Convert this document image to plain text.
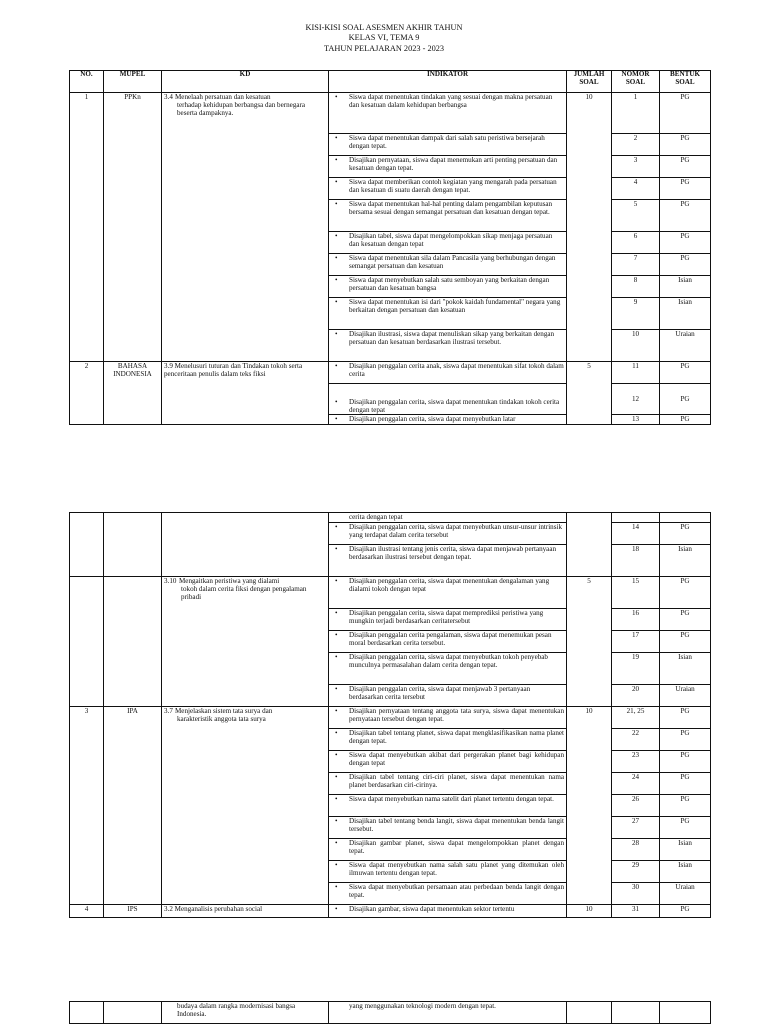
KISI-KISI SOAL ASESMEN AKHIR TAHUN
KELAS VI, TEMA 9
TAHUN PELAJARAN 2023 - 2023
NO.	MUPEL	KD	INDIKATOR	JUMLAH SOAL	NOMOR SOAL	BENTUK SOAL
1	PPKn	3.4 Menelaah persatuan dan kesatuan
terhadap kehidupan berbangsa dan bernegara beserta dampaknya.	• Siswa dapat menentukan tindakan yang sesuai dengan makna persatuan dan kesatuan dalam kehidupan berbangsa	10	1	PG

			• Siswa dapat menentukan dampak dari salah satu peristiwa bersejarah dengan tepat.		2	PG

			• Disajikan pernyataan, siswa dapat menemukan arti penting persatuan dan kesatuan dengan tepat.		3	PG

			• Siswa dapat memberikan contoh kegiatan yang mengarah pada persatuan dan kesatuan di suatu daerah dengan tepat.		4	PG

			• Siswa dapat menentukan hal-hal penting dalam pengambilan keputusan bersama sesuai dengan semangat persatuan dan kesatuan dengan tepat.		5	PG

			• Disajikan tabel, siswa dapat mengelompokkan sikap menjaga persatuan dan kesatuan dengan tepat		6	PG

			• Siswa dapat menentukan sila dalam Pancasila yang berhubungan dengan semangat persatuan dan kesatuan		7	PG

			• Siswa dapat menyebutkan salah satu semboyan yang berkaitan dengan persatuan dan kesatuan bangsa		8	Isian

			• Siswa dapat menentukan isi dari "pokok kaidah fundamental" negara yang berkaitan dengan persatuan dan kesatuan		9	Isian

			• Disajikan ilustrasi, siswa dapat menuliskan sikap yang berkaitan dengan persatuan dan kesatuan berdasarkan ilustrasi tersebut.		10	Uraian
2	BAHASA INDONESIA	3.9 Menelusuri tuturan dan Tindakan tokoh serta penceritaan penulis dalam teks fiksi	• Disajikan penggalan cerita anak, siswa dapat menentukan sifat tokoh dalam cerita	5	11	PG

			• Disajikan penggalan cerita, siswa dapat menentukan tindakan tokoh cerita dengan tepat		12	PG

			• Disajikan penggalan cerita, siswa dapat menyebutkan latar		13	PG
			cerita dengan tepat			

			• Disajikan penggalan cerita, siswa dapat menyebutkan unsur-unsur intrinsik yang terdapat dalam cerita tersebut		14	PG

			• Disajikan ilustrasi tentang jenis cerita, siswa dapat menjawab pertanyaan berdasarkan ilustrasi tersebut dengan tepat.		18	Isian
		3.10 Mengaitkan peristiwa yang dialami
tokoh dalam cerita fiksi dengan pengalaman pribadi	• Disajikan penggalan cerita, siswa dapat menentukan dengalaman yang dialami tokoh dengan tepat	5	15	PG

			• Disajikan penggalan cerita, siswa dapat memprediksi peristiwa yang mungkin terjadi berdasarkan ceritatersebut		16	PG

			• Disajikan penggalan cerita pengalaman, siswa dapat menemukan pesan moral berdasarkan cerita tersebut.		17	PG

			• Disajikan penggalan cerita, siswa dapat menyebutkan tokoh penyebab munculnya permasalahan dalam cerita dengan tepat.		19	Isian

			• Disajikan penggalan cerita, siswa dapat menjawab 3 pertanyaan berdasarkan cerita tersebut		20	Uraian
3	IPA	3.7 Menjelaskan sistem tata surya dan
karakteristik anggota tata surya	• Disajikan pernyataan tentang anggota tata surya, siswa dapat menentukan pernyataan tersebut dengan tepat.	10	21, 25	PG

			• Disajikan tabel tentang planet, siswa dapat mengklasifikasikan nama planet dengan tepat.		22	PG

			• Siswa dapat menyebutkan akibat dari pergerakan planet bagi kehidupan dengan tepat		23	PG

			• Disajikan tabel tentang ciri-ciri planet, siswa dapat menentukan nama planet berdasarkan ciri-cirinya.		24	PG

			• Siswa dapat menyebutkan nama satelit dari planet tertentu dengan tepat.		26	PG

			• Disajikan tabel tentang benda langit, siswa dapat menentukan benda langit tersebut.		27	PG

			• Disajikan gambar planet, siswa dapat mengelompokkan planet dengan tepat.		28	Isian

			• Siswa dapat menyebutkan nama salah satu planet yang ditemukan oleh ilmuwan tertentu dengan tepat.		29	Isian

			• Siswa dapat menyebutkan persamaan atau perbedaan benda langit dengan tepat.		30	Uraian
4	IPS	3.2 Menganalisis perubahan social	• Disajikan gambar, siswa dapat menentukan sektor tertentu	10	31	PG
		budaya dalam rangka modernisasi bangsa Indonesia.	yang menggunakan teknologi modern dengan tepat.			
